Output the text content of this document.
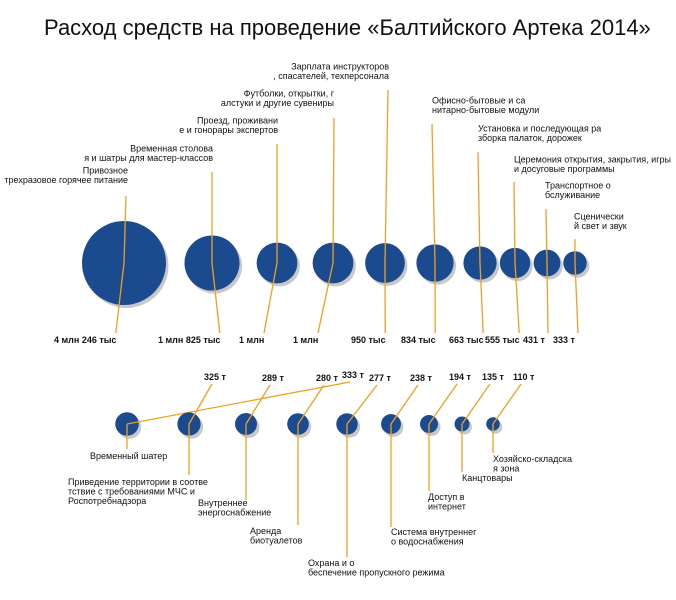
Расход средств на проведение «Балтийского Артека 2014»
Привозное трехразовое горячее питание
4 млн 246 тыс
Временная столова я и шатры для мастер-классов
1 млн 825 тыс
Проезд, проживани е и гонорары экспертов
1 млн
Футболки, открытки, г алстуки и другие сувениры
1 млн
Зарплата инструкторов , спасателей, техперсонала
950 тыс
Офисно-бытовые и са нитарно-бытовые модули
834 тыс
Установка и последующая ра зборка палаток, дорожек
663 тыс
Церемония открытия, закрытия, игры и досуговые программы
555 тыс
Транспортное о бслуживание
431 т
Сценически й свет и звук
333 т
333 т
Временный шатер
325 т
Приведение территории в соотве тствие с требованиями МЧС и Роспотребнадзора
289 т
Внутреннее энергоснабжение
280 т
Аренда биотуалетов
277 т
Охрана и о беспечение пропускного режима
238 т
Система внутреннег о водоснабжения
194 т
Доступ в интернет
135 т
Канцтовары
110 т
Хозяйско-складска я зона
